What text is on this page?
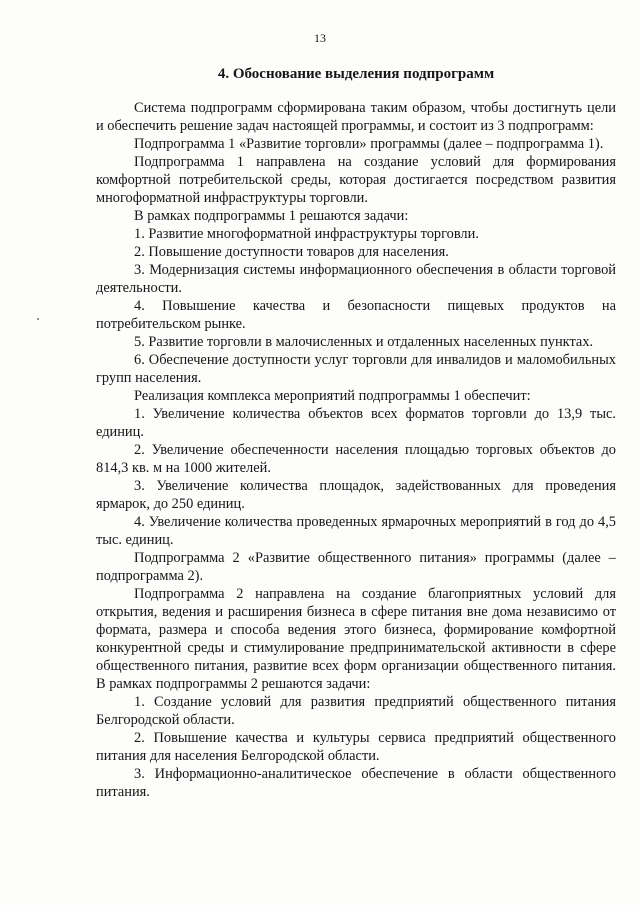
13
4. Обоснование выделения подпрограмм

Система подпрограмм сформирована таким образом, чтобы достигнуть цели и обеспечить решение задач настоящей программы, и состоит из 3 подпрограмм:

Подпрограмма 1 «Развитие торговли» программы (далее – подпрограмма 1).

Подпрограмма 1 направлена на создание условий для формирования комфортной потребительской среды, которая достигается посредством развития многоформатной инфраструктуры торговли.

В рамках подпрограммы 1 решаются задачи:

1. Развитие многоформатной инфраструктуры торговли.

2. Повышение доступности товаров для населения.

3. Модернизация системы информационного обеспечения в области торговой деятельности.

4. Повышение качества и безопасности пищевых продуктов на потребительском рынке.

5. Развитие торговли в малочисленных и отдаленных населенных пунктах.

6. Обеспечение доступности услуг торговли для инвалидов и маломобильных групп населения.

Реализация комплекса мероприятий подпрограммы 1 обеспечит:

1. Увеличение количества объектов всех форматов торговли до 13,9 тыс. единиц.

2. Увеличение обеспеченности населения площадью торговых объектов до 814,3 кв. м на 1000 жителей.

3. Увеличение количества площадок, задействованных для проведения ярмарок, до 250 единиц.

4. Увеличение количества проведенных ярмарочных мероприятий в год до 4,5 тыс. единиц.

Подпрограмма 2 «Развитие общественного питания» программы (далее – подпрограмма 2).

Подпрограмма 2 направлена на создание благоприятных условий для открытия, ведения и расширения бизнеса в сфере питания вне дома независимо от формата, размера и способа ведения этого бизнеса, формирование комфортной конкурентной среды и стимулирование предпринимательской активности в сфере общественного питания, развитие всех форм организации общественного питания. В рамках подпрограммы 2 решаются задачи:

1. Создание условий для развития предприятий общественного питания Белгородской области.

2. Повышение качества и культуры сервиса предприятий общественного питания для населения Белгородской области.

3. Информационно-аналитическое обеспечение в области общественного питания.
